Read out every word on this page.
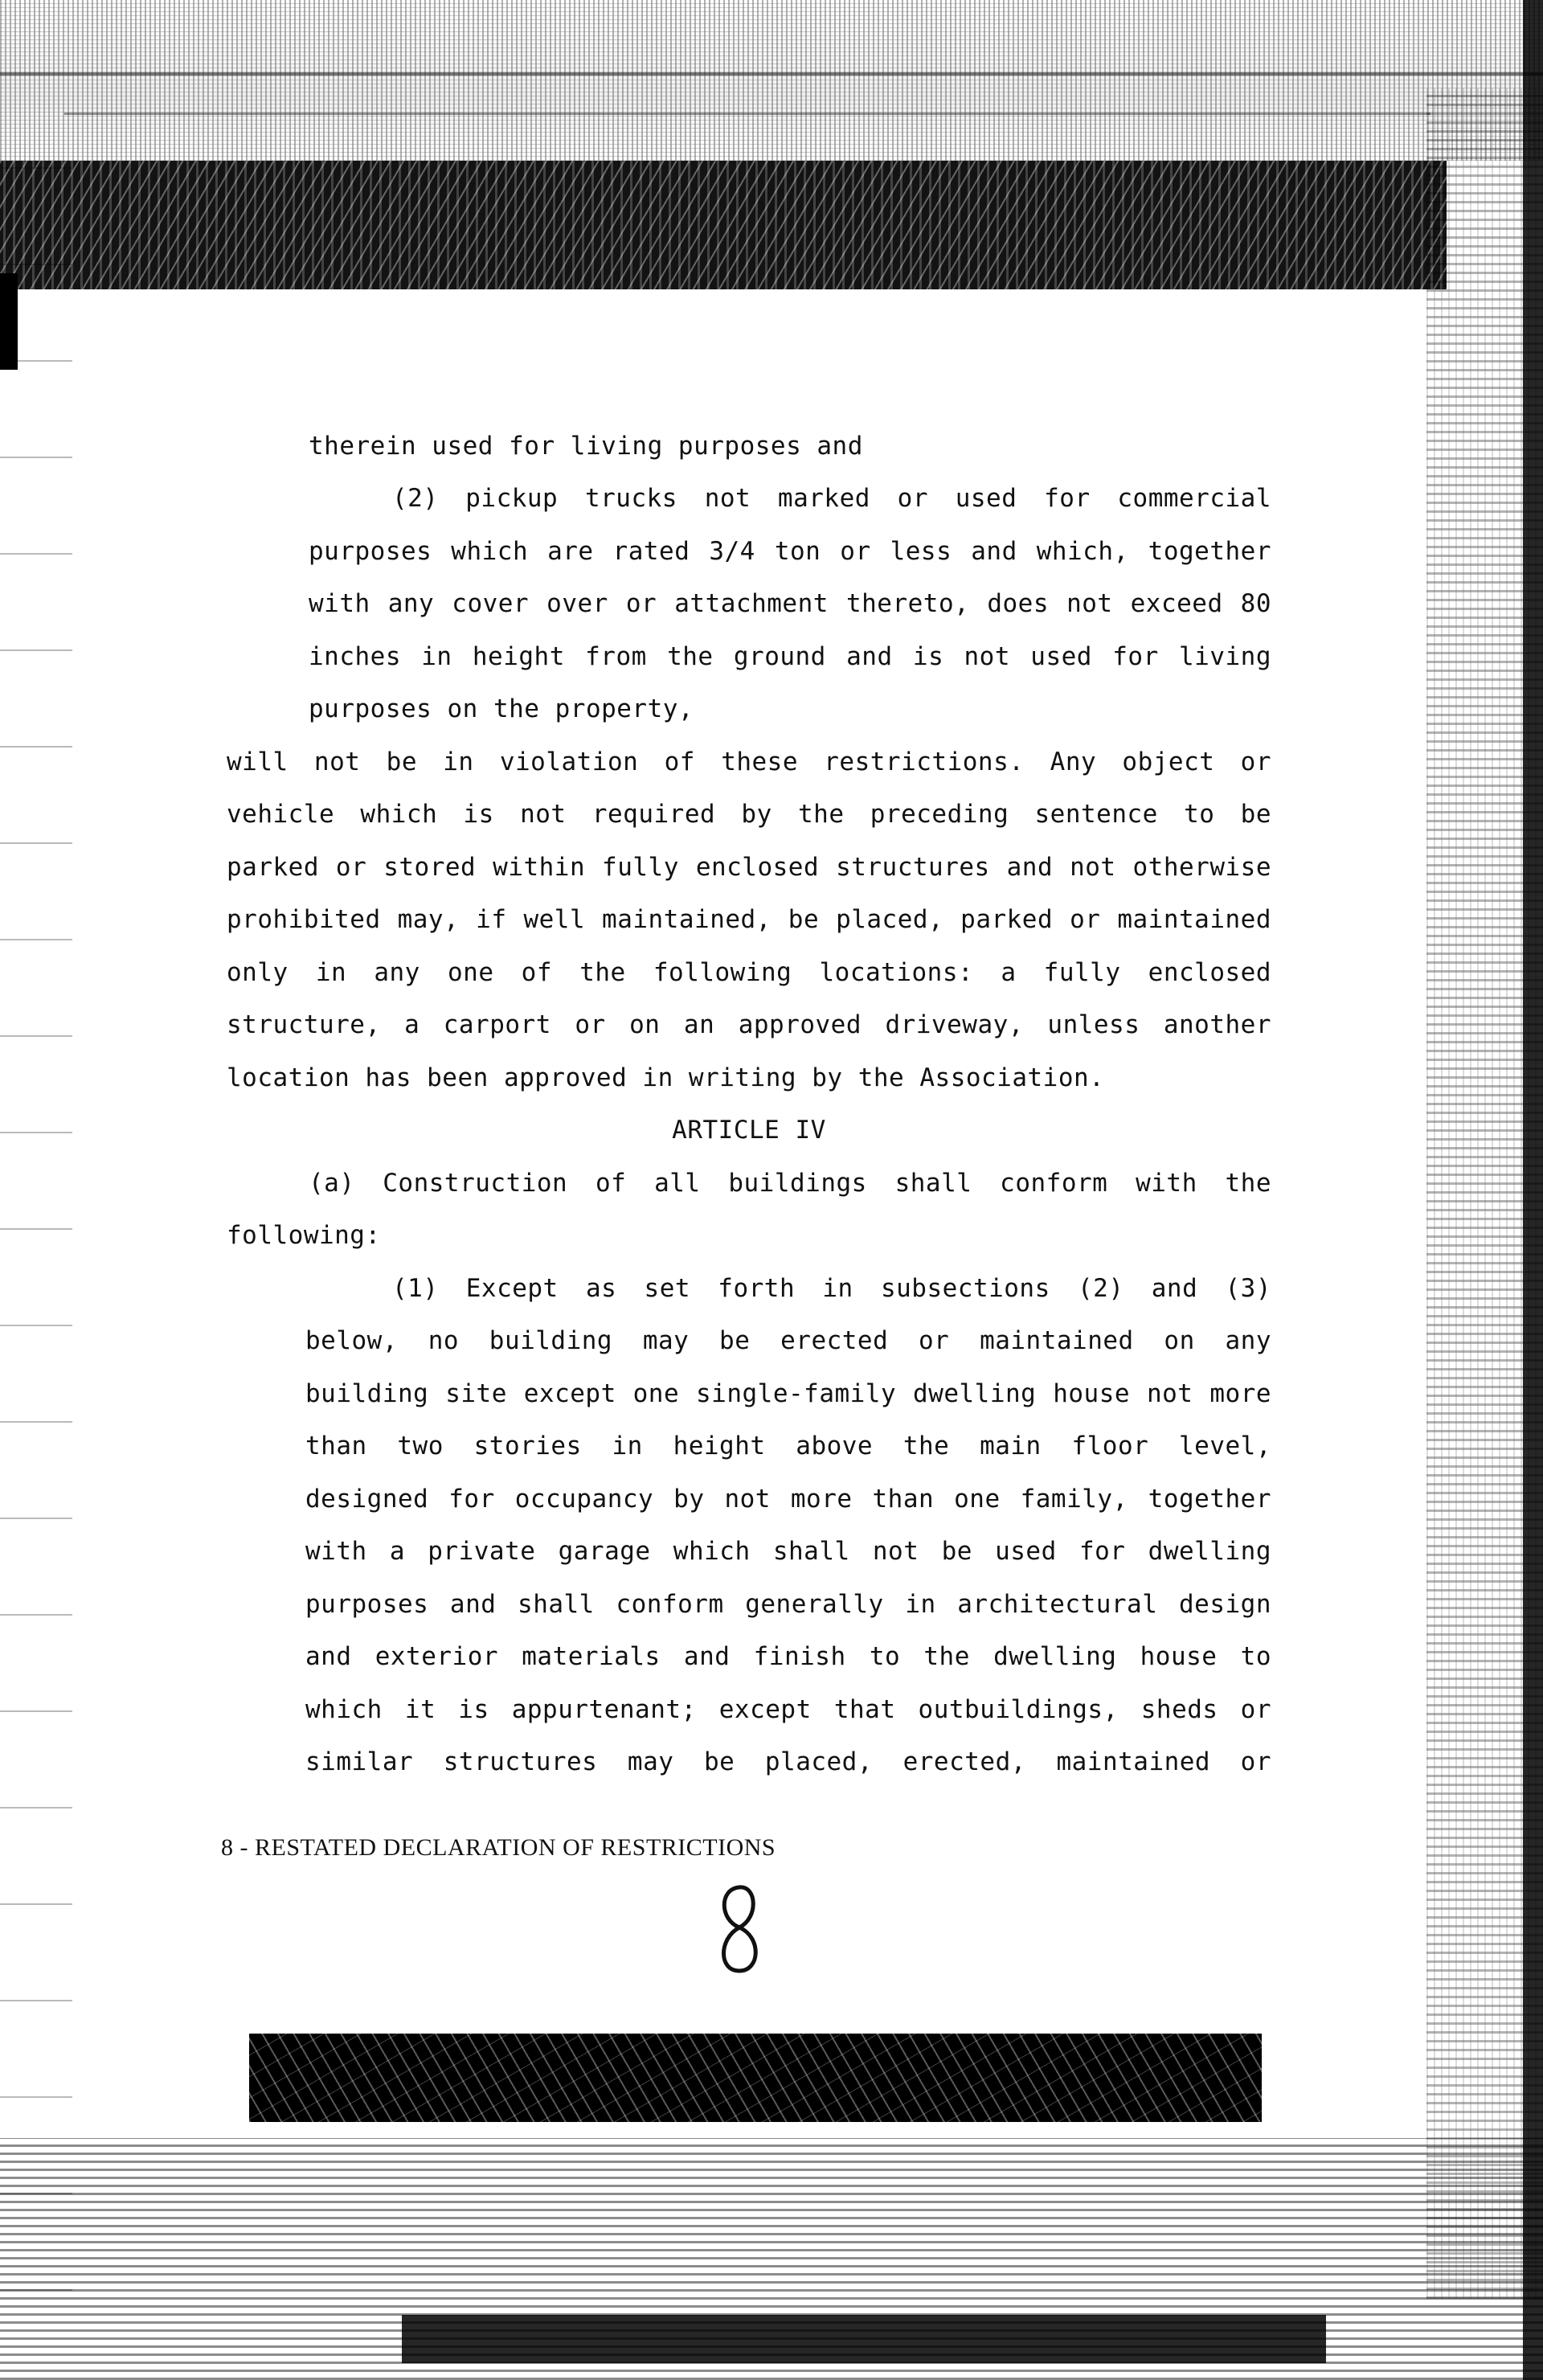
therein used for living purposes and

(2) pickup trucks not marked or used for commercial

purposes which are rated 3/4 ton or less and which, together

with any cover over or attachment thereto, does not exceed 80

inches in height from the ground and is not used for living

purposes on the property,

will not be in violation of these restrictions. Any object or

vehicle which is not required by the preceding sentence to be

parked or stored within fully enclosed structures and not otherwise

prohibited may, if well maintained, be placed, parked or maintained

only in any one of the following locations: a fully enclosed

structure, a carport or on an approved driveway, unless another

location has been approved in writing by the Association.

ARTICLE IV

(a) Construction of all buildings shall conform with the

following:

(1) Except as set forth in subsections (2) and (3)

below, no building may be erected or maintained on any

building site except one single-family dwelling house not more

than two stories in height above the main floor level,

designed for occupancy by not more than one family, together

with a private garage which shall not be used for dwelling

purposes and shall conform generally in architectural design

and exterior materials and finish to the dwelling house to

which it is appurtenant; except that outbuildings, sheds or

similar structures may be placed, erected, maintained or

8 - RESTATED DECLARATION OF RESTRICTIONS
